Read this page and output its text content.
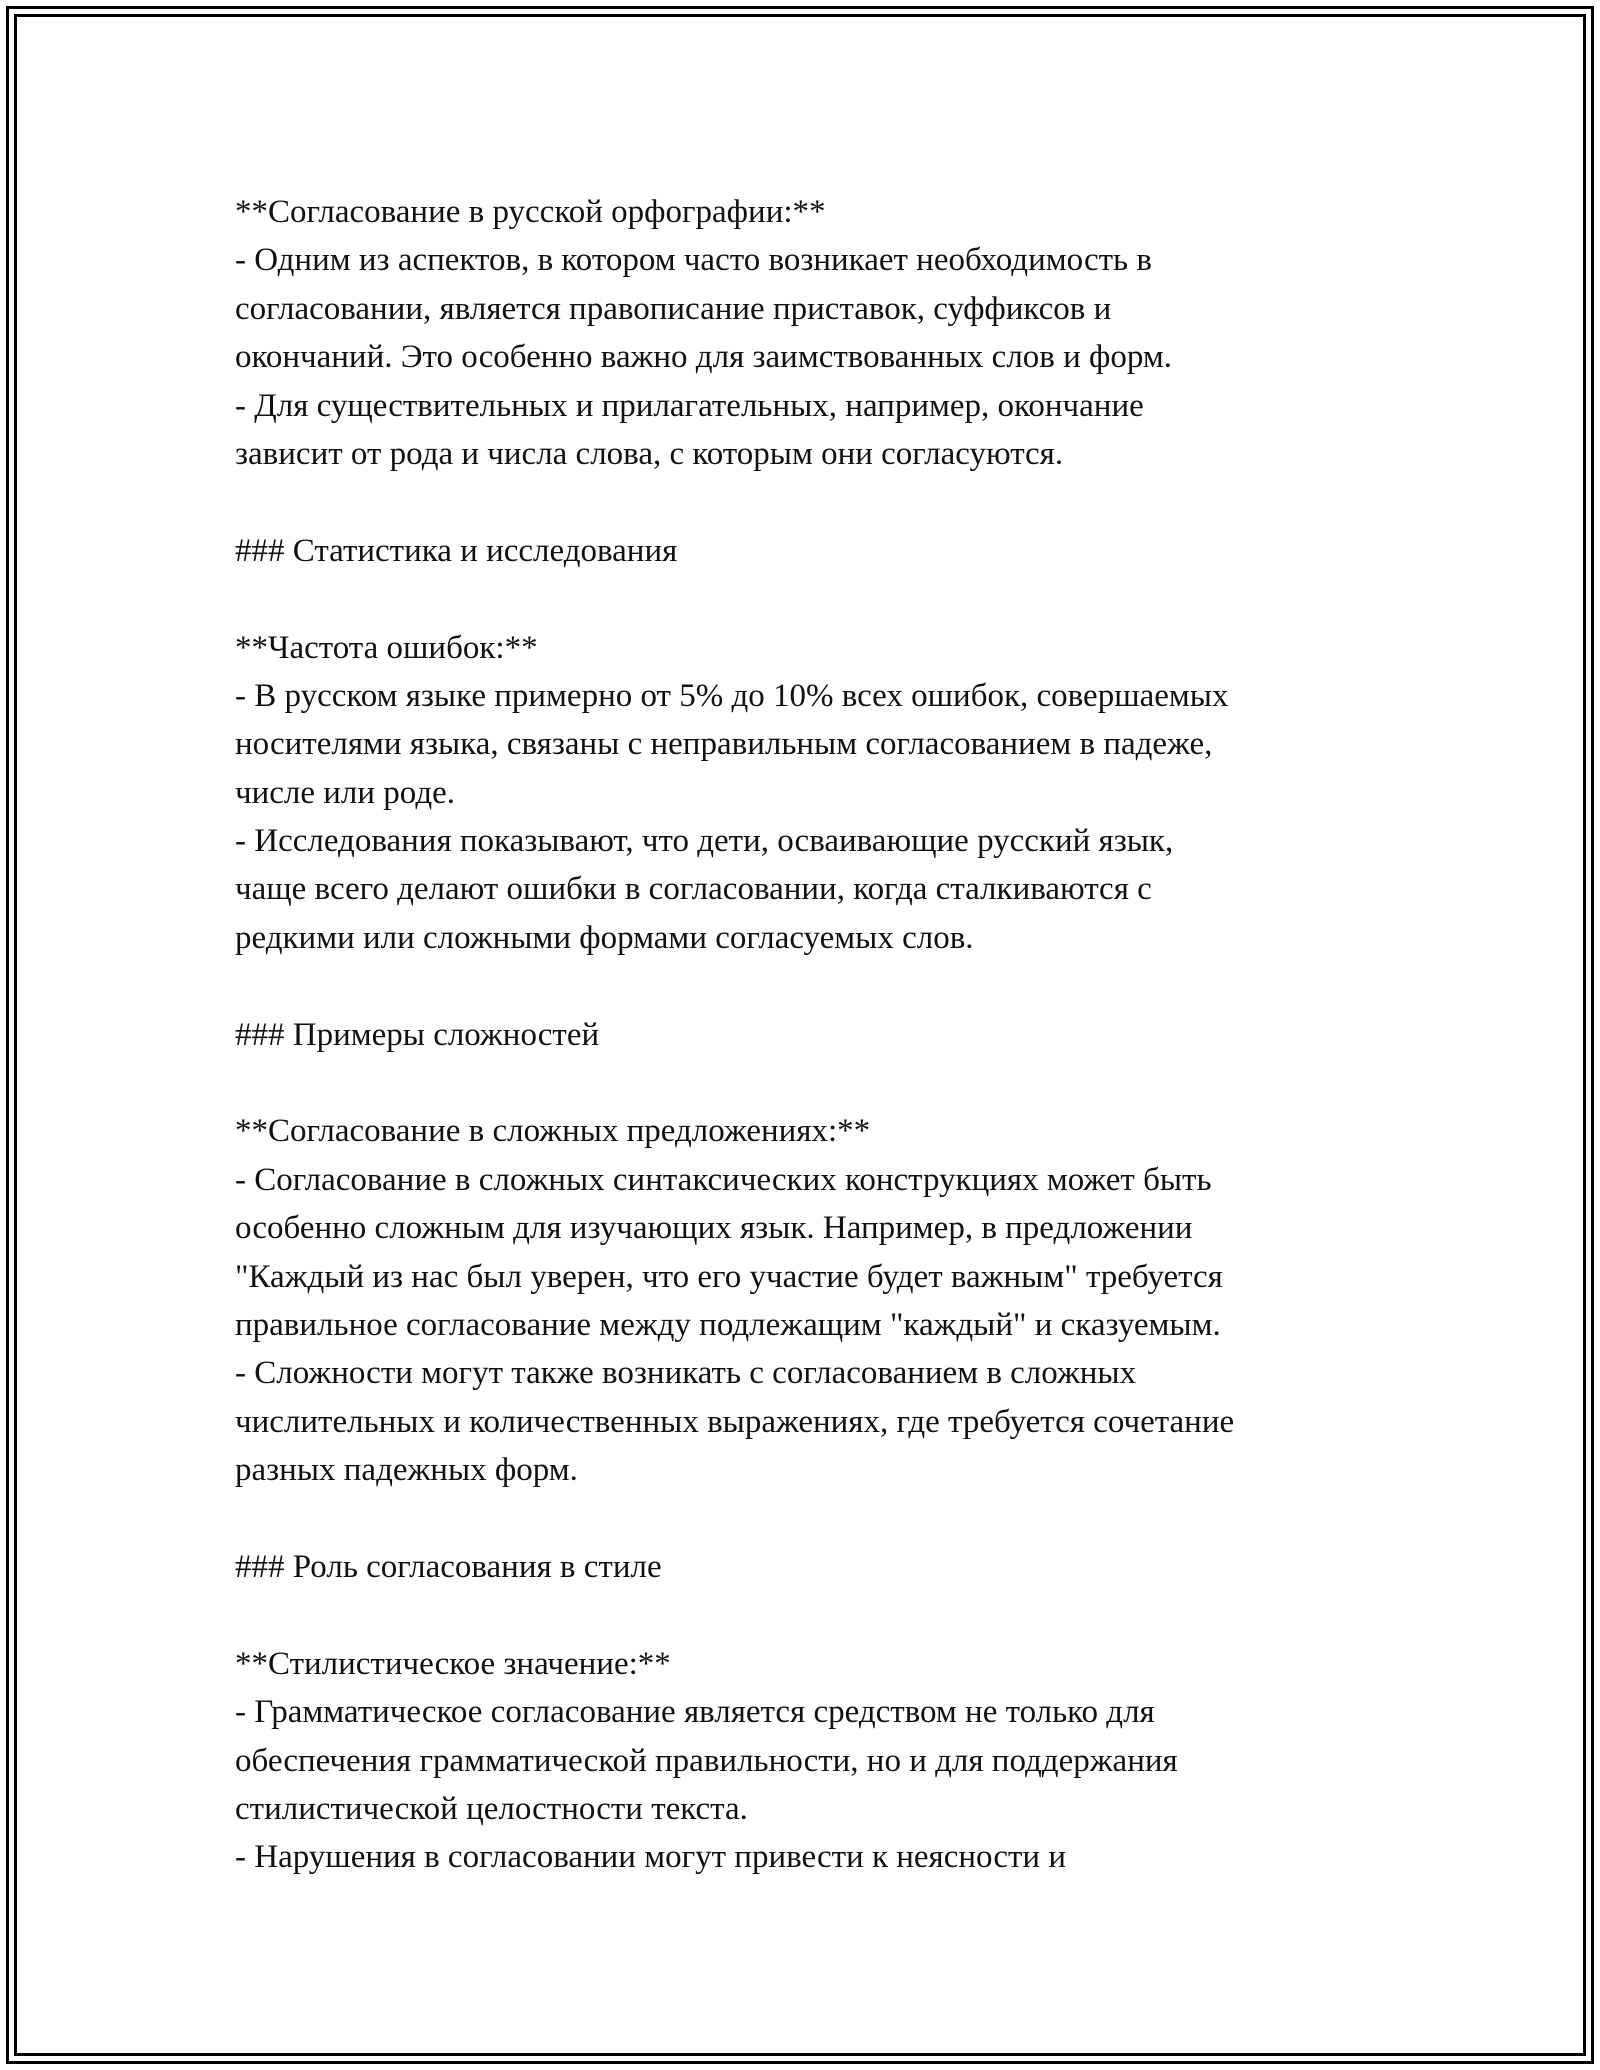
**Согласование в русской орфографии:**
- Одним из аспектов, в котором часто возникает необходимость в
согласовании, является правописание приставок, суффиксов и
окончаний. Это особенно важно для заимствованных слов и форм.
- Для существительных и прилагательных, например, окончание
зависит от рода и числа слова, с которым они согласуются.
### Статистика и исследования
**Частота ошибок:**
- В русском языке примерно от 5% до 10% всех ошибок, совершаемых
носителями языка, связаны с неправильным согласованием в падеже,
числе или роде.
- Исследования показывают, что дети, осваивающие русский язык,
чаще всего делают ошибки в согласовании, когда сталкиваются с
редкими или сложными формами согласуемых слов.
### Примеры сложностей
**Согласование в сложных предложениях:**
- Согласование в сложных синтаксических конструкциях может быть
особенно сложным для изучающих язык. Например, в предложении
"Каждый из нас был уверен, что его участие будет важным" требуется
правильное согласование между подлежащим "каждый" и сказуемым.
- Сложности могут также возникать с согласованием в сложных
числительных и количественных выражениях, где требуется сочетание
разных падежных форм.
### Роль согласования в стиле
**Стилистическое значение:**
- Грамматическое согласование является средством не только для
обеспечения грамматической правильности, но и для поддержания
стилистической целостности текста.
- Нарушения в согласовании могут привести к неясности и
